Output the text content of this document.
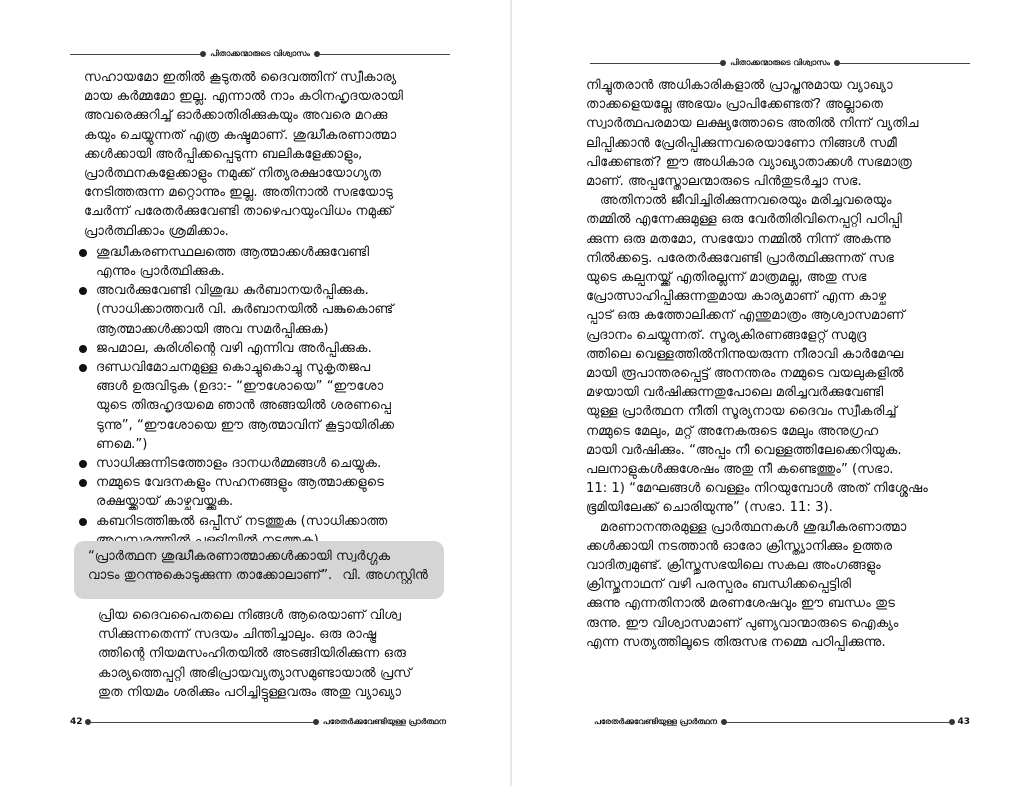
പിതാക്കന്മാരുടെ വിശ്വാസം
സഹായമോ ഇതിൽ കൂടുതൽ ദൈവത്തിന് സ്വീകാര്യ
മായ കർമ്മമോ ഇല്ല. എന്നാൽ നാം കഠിനഹൃദയരായി
അവരെക്കുറിച്ച് ഓർക്കാതിരിക്കുകയും അവരെ മറക്കു
കയും ചെയ്യുന്നത് എത്ര കഷ്ടമാണ്. ശുദ്ധീകരണാത്മാ
ക്കൾക്കായി അർപ്പിക്കപ്പെടുന്ന ബലികളേക്കാളും,
പ്രാർത്ഥനകളേക്കാളും നമുക്ക് നിത്യരക്ഷായോഗ്യത
നേടിത്തരുന്ന മറ്റൊന്നും ഇല്ല. അതിനാൽ സഭയോടു
ചേർന്ന് പരേതർക്കുവേണ്ടി താഴെപറയുംവിധം നമുക്ക്
പ്രാർത്ഥിക്കാം ശ്രമിക്കാം.
ശുദ്ധീകരണസ്ഥലത്തെ ആത്മാക്കൾക്കുവേണ്ടി
എന്നും പ്രാർത്ഥിക്കുക.
അവർക്കുവേണ്ടി വിശുദ്ധ കുർബാനയർപ്പിക്കുക.
(സാധിക്കാത്തവർ വി. കുർബാനയിൽ പങ്കുകൊണ്ട്
ആത്മാക്കൾക്കായി അവ സമർപ്പിക്കുക)
ജപമാല, കുരിശിന്റെ വഴി എന്നിവ അർപ്പിക്കുക.
ദണ്ഡവിമോചനമുള്ള കൊച്ചുകൊച്ചു സുകൃതജപ
ങ്ങൾ ഉരുവിടുക (ഉദാ:- “ഈശോയെ” “ഈശോ
യുടെ തിരുഹൃദയമെ ഞാൻ അങ്ങയിൽ ശരണപ്പെ
ടുന്നു”, “ഈശോയെ ഈ ആത്മാവിന് കൂട്ടായിരിക്ക
ണമെ.”)
സാധിക്കുന്നിടത്തോളം ദാനധർമ്മങ്ങൾ ചെയ്യുക.
നമ്മുടെ വേദനകളും സഹനങ്ങളും ആത്മാക്കളുടെ
രക്ഷയ്ക്കായ് കാഴ്ചവയ്ക്കുക.
കബറിടത്തിങ്കൽ ഒപ്പീസ് നടത്തുക (സാധിക്കാത്ത
“പ്രാർത്ഥന ശുദ്ധീകരണാത്മാക്കൾക്കായി സ്വർഗ്ഗക
വാടം തുറന്നുകൊടുക്കുന്ന താക്കോലാണ്”. വി. അഗസ്റ്റിൻ
പ്രിയ ദൈവപൈതലെ നിങ്ങൾ ആരെയാണ് വിശ്വ
സിക്കുന്നതെന്ന് സദയം ചിന്തിച്ചാലും. ഒരു രാഷ്ട്ര
ത്തിന്റെ നിയമസംഹിതയിൽ അടങ്ങിയിരിക്കുന്ന ഒരു
കാര്യത്തെപ്പറ്റി അഭിപ്രായവ്യത്യാസമുണ്ടായാൽ പ്രസ്
തുത നിയമം ശരിക്കും പഠിച്ചിട്ടുള്ളവരും അതു വ്യാഖ്യാ
42	പരേതർക്കുവേണ്ടിയുള്ള പ്രാർത്ഥന
പിതാക്കന്മാരുടെ വിശ്വാസം
നിച്ചുതരാൻ അധികാരികളാൽ പ്രാപ്തനുമായ വ്യാഖ്യാ
താക്കളെയല്ലേ അഭയം പ്രാപിക്കേണ്ടത്? അല്ലാതെ
സ്വാർത്ഥപരമായ ലക്ഷ്യത്തോടെ അതിൽ നിന്ന് വ്യതിച
ലിപ്പിക്കാൻ പ്രേരിപ്പിക്കുന്നവരെയാണോ നിങ്ങൾ സമീ
പിക്കേണ്ടത്? ഈ അധികാര വ്യാഖ്യാതാക്കൾ സഭമാത്ര
മാണ്. അപ്പസ്തോലന്മാരുടെ പിൻതുടർച്ചാ സഭ.
അതിനാൽ ജീവിച്ചിരിക്കുന്നവരെയും മരിച്ചവരെയും
തമ്മിൽ എന്നേക്കുമുള്ള ഒരു വേർതിരിവിനെപ്പറ്റി പഠിപ്പി
ക്കുന്ന ഒരു മതമോ, സഭയോ നമ്മിൽ നിന്ന് അകന്നു
നിൽക്കട്ടെ. പരേതർക്കുവേണ്ടി പ്രാർത്ഥിക്കുന്നത് സഭ
യുടെ കല്പനയ്ക്ക് എതിരല്ലന്ന് മാത്രമല്ല, അതു സഭ
പ്രോത്സാഹിപ്പിക്കുന്നതുമായ കാര്യമാണ് എന്ന കാഴ്ച
പ്പാട് ഒരു കത്തോലിക്കന് എന്തുമാത്രം ആശ്വാസമാണ്
പ്രദാനം ചെയ്യുന്നത്. സൂര്യകിരണങ്ങളേറ്റ് സമുദ്ര
ത്തിലെ വെള്ളത്തിൽനിന്നുയരുന്ന നീരാവി കാർമേഘ
മായി രൂപാന്തരപ്പെട്ട് അനന്തരം നമ്മുടെ വയലുകളിൽ
മഴയായി വർഷിക്കുന്നതുപോലെ മരിച്ചവർക്കുവേണ്ടി
യുള്ള പ്രാർത്ഥന നീതി സൂര്യനായ ദൈവം സ്വീകരിച്ച്
നമ്മുടെ മേലും, മറ്റ് അനേകരുടെ മേലും അനുഗ്രഹ
മായി വർഷിക്കും. “അപ്പം നീ വെള്ളത്തിലേക്കെറിയുക.
പലനാളുകൾക്കുശേഷം അതു നീ കണ്ടെത്തും” (സഭാ.
11: 1) “മേഘങ്ങൾ വെള്ളം നിറയുമ്പോൾ അത് നിശ്ശേഷം
ഭൂമിയിലേക്ക് ചൊരിയുന്നു” (സഭാ. 11: 3).
മരണാനന്തരമുള്ള പ്രാർത്ഥനകൾ ശുദ്ധീകരണാത്മാ
ക്കൾക്കായി നടത്താൻ ഓരോ ക്രിസ്ത്യാനിക്കും ഉത്തര
വാദിത്വമുണ്ട്. ക്രിസ്തുസഭയിലെ സകല അംഗങ്ങളും
ക്രിസ്തുനാഥന് വഴി പരസ്പരം ബന്ധിക്കപ്പെട്ടിരി
ക്കുന്നു എന്നതിനാൽ മരണശേഷവും ഈ ബന്ധം തുട
രുന്നു. ഈ വിശ്വാസമാണ് പുണ്യവാന്മാരുടെ ഐക്യം
എന്ന സത്യത്തിലൂടെ തിരുസഭ നമ്മെ പഠിപ്പിക്കുന്നു.
പരേതർക്കുവേണ്ടിയുള്ള പ്രാർത്ഥന	43
